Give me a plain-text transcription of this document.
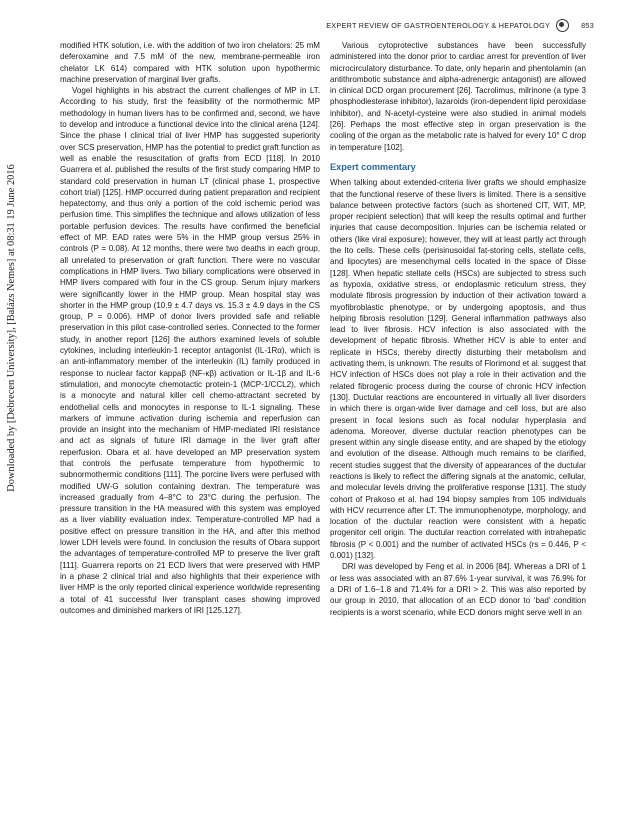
EXPERT REVIEW OF GASTROENTEROLOGY & HEPATOLOGY	853
Downloaded by [Debrecen University], [Balázs Nemes] at 08:31 19 June 2016

modified HTK solution, i.e. with the addition of two iron chelators: 25 mM deferoxamine and 7.5 mM of the new, membrane-permeable iron chelator LK 614) compared with HTK solution upon hypothermic machine preservation of marginal liver grafts.

Vogel highlights in his abstract the current challenges of MP in LT. According to his study, first the feasibility of the normothermic MP methodology in human livers has to be confirmed and, second, we have to develop and introduce a functional device into the clinical arena [124]. Since the phase I clinical trial of liver HMP has suggested superiority over SCS preservation, HMP has the potential to predict graft function as well as enable the resuscitation of grafts from ECD [118]. In 2010 Guarrera et al. published the results of the first study comparing HMP to standard cold preservation in human LT (clinical phase 1, prospective cohort trial) [125]. HMP occurred during patient preparation and recipient hepatectomy, and thus only a portion of the cold ischemic period was perfusion time. This simplifies the technique and allows utilization of less portable perfusion devices. The results have confirmed the beneficial effect of MP. EAD rates were 5% in the HMP group versus 25% in controls (P = 0.08). At 12 months, there were two deaths in each group, all unrelated to preservation or graft function. There were no vascular complications in HMP livers. Two biliary complications were observed in HMP livers compared with four in the CS group. Serum injury markers were significantly lower in the HMP group. Mean hospital stay was shorter in the HMP group (10.9 ± 4.7 days vs. 15.3 ± 4.9 days in the CS group, P = 0.006). HMP of donor livers provided safe and reliable preservation in this pilot case-controlled series. Connected to the former study, in another report [126] the authors examined levels of soluble cytokines, including interleukin-1 receptor antagonist (IL-1Rα), which is an anti-inflammatory member of the interleukin (IL) family produced in response to nuclear factor kappaβ (NF-κβ) activation or IL-1β and IL-6 stimulation, and monocyte chemotactic protein-1 (MCP-1/CCL2), which is a monocyte and natural killer cell chemo-attractant secreted by endothelial cells and monocytes in response to IL-1 signaling. These markers of immune activation during ischemia and reperfusion can provide an insight into the mechanism of HMP-mediated IRI resistance and act as signals of future IRI damage in the liver graft after reperfusion. Obara et al. have developed an MP preservation system that controls the perfusate temperature from hypothermic to subnormothermic conditions [111]. The porcine livers were perfused with modified UW-G solution containing dextran. The temperature was increased gradually from 4–8°C to 23°C during the perfusion. The pressure transition in the HA measured with this system was employed as a liver viability evaluation index. Temperature-controlled MP had a positive effect on pressure transition in the HA, and after this method lower LDH levels were found. In conclusion the results of Obara support the advantages of temperature-controlled MP to preserve the liver graft [111]. Guarrera reports on 21 ECD livers that were preserved with HMP in a phase 2 clinical trial and also highlights that their experience with liver HMP is the only reported clinical experience worldwide representing a total of 41 successful liver transplant cases showing improved outcomes and diminished markers of IRI [125,127].

Various cytoprotective substances have been successfully administered into the donor prior to cardiac arrest for prevention of liver microcirculatory disturbance. To date, only heparin and phentolamin (an antithrombotic substance and alpha-adrenergic antagonist) are allowed in clinical DCD organ procurement [26]. Tacrolimus, milrinone (a type 3 phosphodiesterase inhibitor), lazaroids (iron-dependent lipid peroxidase inhibitor), and N-acetyl-cysteine were also studied in animal models [26]. Perhaps the most effective step in organ preservation is the cooling of the organ as the metabolic rate is halved for every 10° C drop in temperature [102].

Expert commentary

When talking about extended-criteria liver grafts we should emphasize that the functional reserve of these livers is limited. There is a sensitive balance between protective factors (such as shortened CIT, WIT, MP, proper recipient selection) that will keep the results optimal and further injuries that cause decomposition. Injuries can be ischemia related or others (like viral exposure); however, they will at least partly act through the Ito cells. These cells (perisinusoidal fat-storing cells, stellate cells, and lipocytes) are mesenchymal cells located in the space of Disse [128]. When hepatic stellate cells (HSCs) are subjected to stress such as hypoxia, oxidative stress, or endoplasmic reticulum stress, they modulate fibrosis progression by induction of their activation toward a myofibroblastic phenotype, or by undergoing apoptosis, and thus helping fibrosis resolution [129]. General inflammation pathways also lead to liver fibrosis. HCV infection is also associated with the development of hepatic fibrosis. Whether HCV is able to enter and replicate in HSCs, thereby directly disturbing their metabolism and activating them, is unknown. The results of Florimond et al. suggest that HCV infection of HSCs does not play a role in their activation and the related fibrogenic process during the course of chronic HCV infection [130]. Ductular reactions are encountered in virtually all liver disorders in which there is organ-wide liver damage and cell loss, but are also present in focal lesions such as focal nodular hyperplasia and adenoma. Moreover, diverse ductular reaction phenotypes can be present within any single disease entity, and are shaped by the etiology and evolution of the disease. Although much remains to be clarified, recent studies suggest that the diversity of appearances of the ductular reactions is likely to reflect the differing signals at the anatomic, cellular, and molecular levels driving the proliferative response [131]. The study cohort of Prakoso et al. had 194 biopsy samples from 105 individuals with HCV recurrence after LT. The immunophenotype, morphology, and location of the ductular reaction were consistent with a hepatic progenitor cell origin. The ductular reaction correlated with intrahepatic fibrosis (P < 0.001) and the number of activated HSCs (rs = 0.446, P < 0.001) [132].

DRI was developed by Feng et al. in 2006 [84]. Whereas a DRI of 1 or less was associated with an 87.6% 1-year survival, it was 76.9% for a DRI of 1.6–1.8 and 71.4% for a DRI > 2. This was also reported by our group in 2010, that allocation of an ECD donor to ‘bad’ condition recipients is a worst scenario, while ECD donors might serve well in an
